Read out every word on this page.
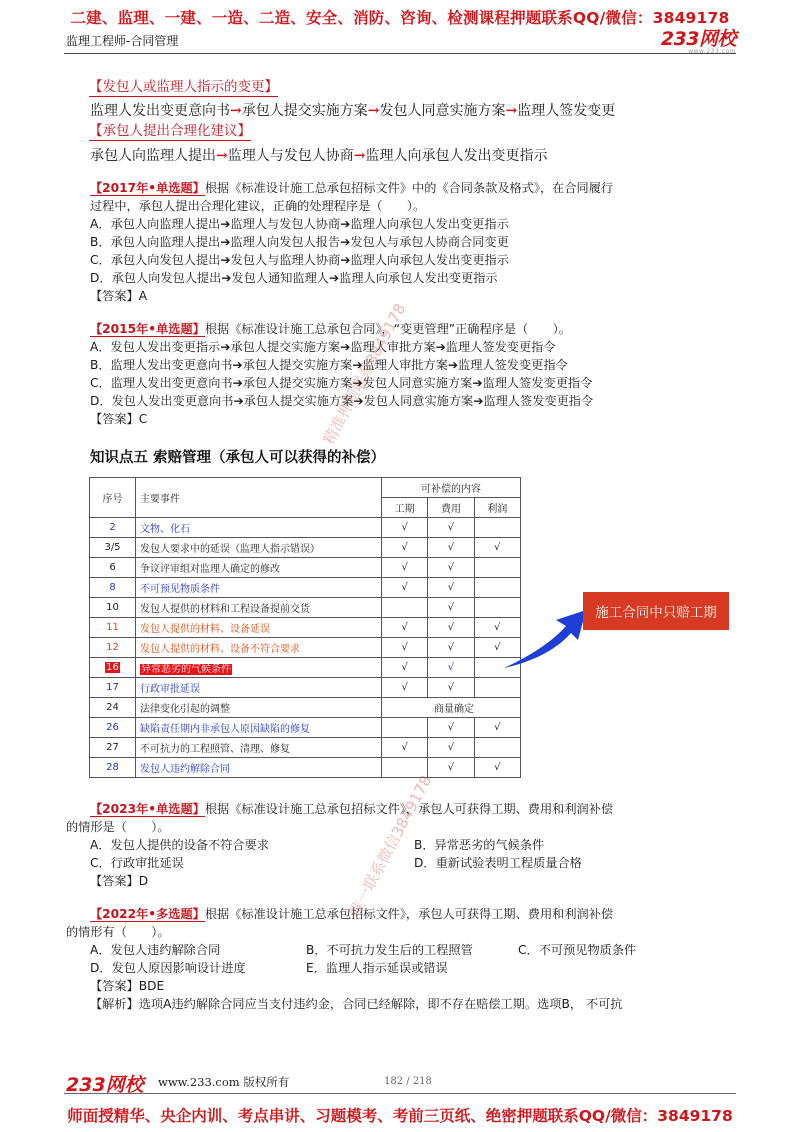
二建、监理、一建、一造、二造、安全、消防、咨询、检测课程押题联系QQ/微信：3849178
监理工程师-合同管理	233网校
www.233.com
【发包人或监理人指示的变更】
监理人发出变更意向书→承包人提交实施方案→发包人同意实施方案→监理人签发变更
【承包人提出合理化建议】
承包人向监理人提出→监理人与发包人协商→监理人向承包人发出变更指示
【2017年•单选题】根据《标准设计施工总承包招标文件》中的《合同条款及格式》，在合同履行
过程中，承包人提出合理化建议，正确的处理程序是（　　）。
A．承包人向监理人提出➔监理人与发包人协商➔监理人向承包人发出变更指示
B．承包人向监理人提出➔监理人向发包人报告➔发包人与承包人协商合同变更
C．承包人向发包人提出➔发包人与监理人协商➔监理人向承包人发出变更指示
D．承包人向发包人提出➔发包人通知监理人➔监理人向承包人发出变更指示
【答案】A
【2015年•单选题】根据《标准设计施工总承包合同》，“变更管理”正确程序是（　　）。
A．发包人发出变更指示➔承包人提交实施方案➔监理人审批方案➔监理人签发变更指令
B．监理人发出变更意向书➔承包人提交实施方案➔监理人审批方案➔监理人签发变更指令
C．监理人发出变更意向书➔承包人提交实施方案➔发包人同意实施方案➔监理人签发变更指令
D．发包人发出变更意向书➔承包人提交实施方案➔发包人同意实施方案➔监理人签发变更指令
【答案】C
知识点五 索赔管理（承包人可以获得的补偿）
序号	主要事件	可补偿的内容		
		工期	费用	利润
2	文物、化石	√	√	
3/5	发包人要求中的延误（监理人指示错误）	√	√	√
6	争议评审组对监理人确定的修改	√	√	
8	不可预见物质条件	√	√	
10	发包人提供的材料和工程设备提前交货		√	
11	发包人提供的材料、设备延误	√	√	√
12	发包人提供的材料、设备不符合要求	√	√	√
16	异常恶劣的气候条件	√	√	
17	行政审批延误	√	√	
24	法律变化引起的调整	商量确定		
26	缺陷责任期内非承包人原因缺陷的修复		√	√
27	不可抗力的工程照管、清理、修复	√	√	
28	发包人违约解除合同		√	√
施工合同中只赔工期
【2023年•单选题】根据《标准设计施工总承包招标文件》，承包人可获得工期、费用和利润补偿
的情形是（　　）。
A．发包人提供的设备不符合要求	B．异常恶劣的气候条件
C．行政审批延误	D．重新试验表明工程质量合格
【答案】D
【2022年•多选题】根据《标准设计施工总承包招标文件》，承包人可获得工期、费用和利润补偿
的情形有（　　）。
A．发包人违约解除合同	B．不可抗力发生后的工程照管	C．不可预见物质条件
D．发包人原因影响设计进度	E．监理人指示延误或错误
【答案】BDE
【解析】选项A违约解除合同应当支付违约金，合同已经解除，即不存在赔偿工期。选项B， 不可抗
精准押题联系3849178
唯一联系微信3849178
233网校 www.233.com 版权所有	182 / 218
师面授精华、央企内训、考点串讲、习题模考、考前三页纸、绝密押题联系QQ/微信：3849178
